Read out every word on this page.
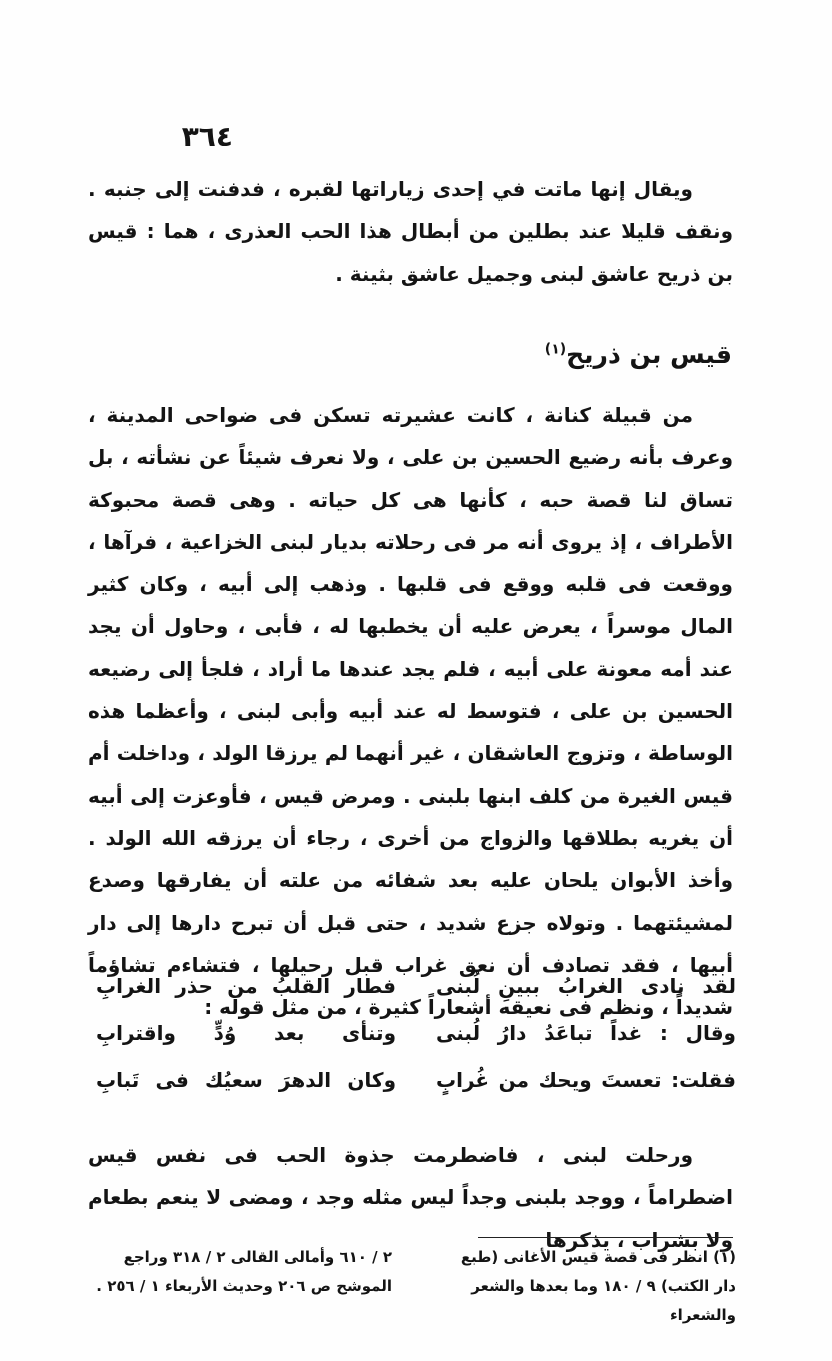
٣٦٤

ويقال إنها ماتت في إحدى زياراتها لقبره ، فدفنت إلى جنبه . ونقف قليلا عند بطلين من أبطال هذا الحب العذرى ، هما : قيس بن ذريح عاشق لبنى وجميل عاشق بثينة .

قيس بن ذريح$^{(١)}$

من قبيلة كنانة ، كانت عشيرته تسكن فى ضواحى المدينة ، وعرف بأنه رضيع الحسين بن على ، ولا نعرف شيئاً عن نشأته ، بل تساق لنا قصة حبه ، كأنها هى كل حياته . وهى قصة محبوكة الأطراف ، إذ يروى أنه مر فى رحلاته بديار لبنى الخزاعية ، فرآها ، ووقعت فى قلبه ووقع فى قلبها . وذهب إلى أبيه ، وكان كثير المال موسراً ، يعرض عليه أن يخطبها له ، فأبى ، وحاول أن يجد عند أمه معونة على أبيه ، فلم يجد عندها ما أراد ، فلجأ إلى رضيعه الحسين بن على ، فتوسط له عند أبيه وأبى لبنى ، وأعظما هذه الوساطة ، وتزوج العاشقان ، غير أنهما لم يرزقا الولد ، وداخلت أم قيس الغيرة من كلف ابنها بلبنى . ومرض قيس ، فأوعزت إلى أبيه أن يغريه بطلاقها والزواج من أخرى ، رجاء أن يرزقه الله الولد . وأخذ الأبوان يلحان عليه بعد شفائه من علته أن يفارقها وصدع لمشيئتهما . وتولاه جزع شديد ، حتى قبل أن تبرح دارها إلى دار أبيها ، فقد تصادف أن نعق غراب قبل رحيلها ، فتشاءم تشاؤماً شديداً ، ونظم فى نعيقه أشعاراً كثيرة ، من مثل قوله :

لقد نادى الغرابُ ببينِ لُبنى
فطار القلبُ من حذر الغرابِ
وقال : غداً تباعَدُ دارُ لُبنى
وتنأى بعد وُدٍّ واقترابِ
فقلت: تعستَ ويحك من غُرابٍ
وكان الدهرَ سعيُك فى تَبابِ

ورحلت لبنى ، فاضطرمت جذوة الحب فى نفس قيس اضطراماً ، ووجد بلبنى وجداً ليس مثله وجد ، ومضى لا ينعم بطعام ولا بشراب ، يذكرها

(١) انظر فى قصة قيس الأغانى (طبع دار الكتب) ٩ / ١٨٠ وما بعدها والشعر والشعراء

٢ / ٦١٠ وأمالى القالى ٢ / ٣١٨ وراجع الموشح ص ٢٠٦ وحديث الأربعاء ١ / ٢٥٦ .
